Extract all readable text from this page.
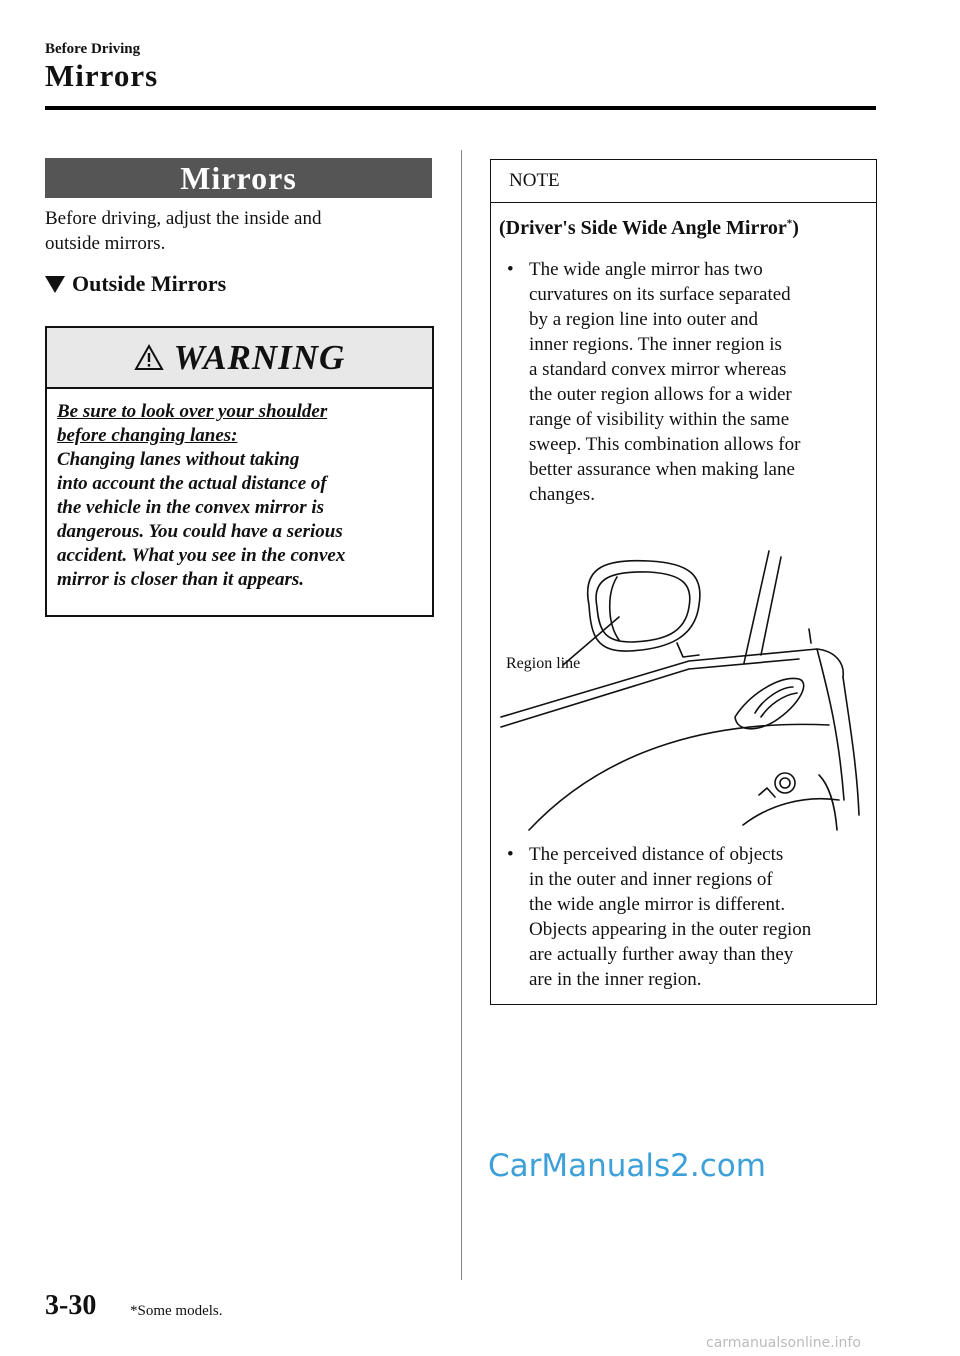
Before Driving
Mirrors
Mirrors
Before driving, adjust the inside and
outside mirrors.
Outside Mirrors
WARNING
Be sure to look over your shoulder
before changing lanes:
Changing lanes without taking
into account the actual distance of
the vehicle in the convex mirror is
dangerous. You could have a serious
accident. What you see in the convex
mirror is closer than it appears.
NOTE
(Driver's Side Wide Angle Mirror*)
• The wide angle mirror has two
curvatures on its surface separated
by a region line into outer and
inner regions. The inner region is
a standard convex mirror whereas
the outer region allows for a wider
range of visibility within the same
sweep. This combination allows for
better assurance when making lane
changes.
Region line
• The perceived distance of objects
in the outer and inner regions of
the wide angle mirror is different.
Objects appearing in the outer region
are actually further away than they
are in the inner region.
3-30 *Some models.
CarManuals2.com
carmanualsonline.info
